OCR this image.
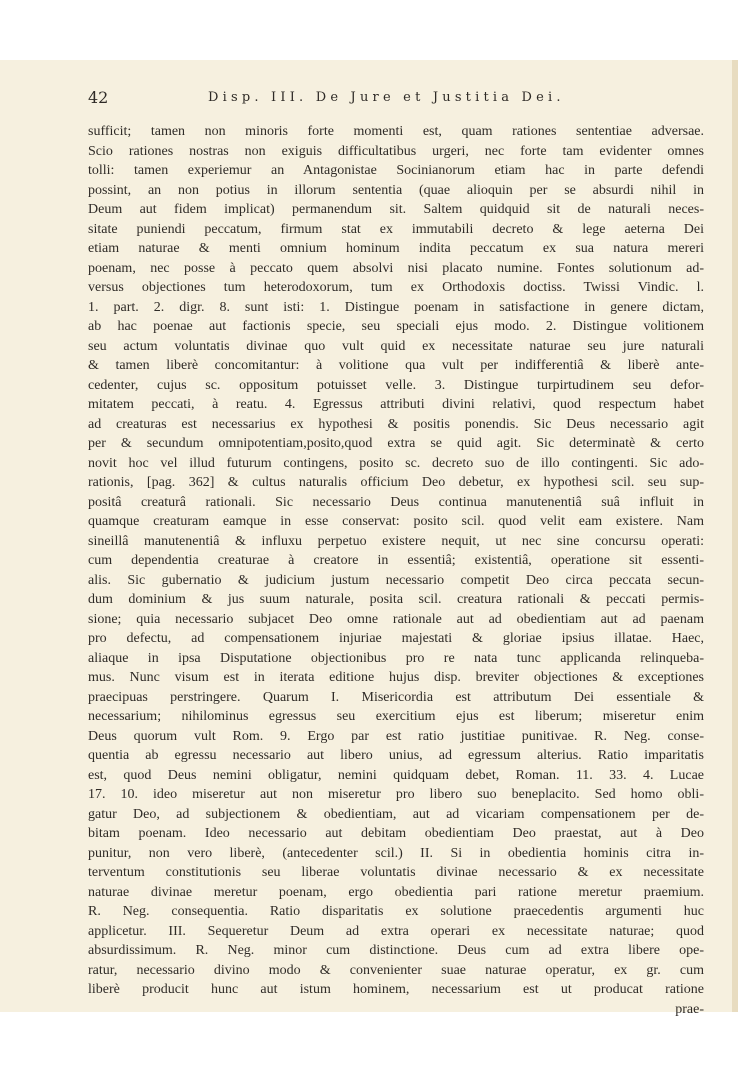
42	Disp. III. De Jure et Justitia Dei.
sufficit; tamen non minoris forte momenti est, quam rationes sententiae adversae.
Scio rationes nostras non exiguis difficultatibus urgeri, nec forte tam evidenter omnes
tolli: tamen experiemur an Antagonistae Socinianorum etiam hac in parte defendi
possint, an non potius in illorum sententia (quae alioquin per se absurdi nihil in
Deum aut fidem implicat) permanendum sit. Saltem quidquid sit de naturali neces-
sitate puniendi peccatum, firmum stat ex immutabili decreto & lege aeterna Dei
etiam naturae & menti omnium hominum indita peccatum ex sua natura mereri
poenam, nec posse à peccato quem absolvi nisi placato numine. Fontes solutionum ad-
versus objectiones tum heterodoxorum, tum ex Orthodoxis doctiss. Twissi Vindic. l.
1. part. 2. digr. 8. sunt isti: 1. Distingue poenam in satisfactione in genere dictam,
ab hac poenae aut factionis specie, seu speciali ejus modo. 2. Distingue volitionem
seu actum voluntatis divinae quo vult quid ex necessitate naturae seu jure naturali
& tamen liberè concomitantur: à volitione qua vult per indifferentiâ & liberè ante-
cedenter, cujus sc. oppositum potuisset velle. 3. Distingue turpirtudinem seu defor-
mitatem peccati, à reatu. 4. Egressus attributi divini relativi, quod respectum habet
ad creaturas est necessarius ex hypothesi & positis ponendis. Sic Deus necessario agit
per & secundum omnipotentiam,posito,quod extra se quid agit. Sic determinatè & certo
novit hoc vel illud futurum contingens, posito sc. decreto suo de illo contingenti. Sic ado-
rationis, [pag. 362] & cultus naturalis officium Deo debetur, ex hypothesi scil. seu sup-
positâ creaturâ rationali. Sic necessario Deus continua manutenentiâ suâ influit in
quamque creaturam eamque in esse conservat: posito scil. quod velit eam existere. Nam
sineillâ manutenentiâ & influxu perpetuo existere nequit, ut nec sine concursu operati:
cum dependentia creaturae à creatore in essentiâ; existentiâ, operatione sit essenti-
alis. Sic gubernatio & judicium justum necessario competit Deo circa peccata secun-
dum dominium & jus suum naturale, posita scil. creatura rationali & peccati permis-
sione; quia necessario subjacet Deo omne rationale aut ad obedientiam aut ad paenam
pro defectu, ad compensationem injuriae majestati & gloriae ipsius illatae. Haec,
aliaque in ipsa Disputatione objectionibus pro re nata tunc applicanda relinqueba-
mus. Nunc visum est in iterata editione hujus disp. breviter objectiones & exceptiones
praecipuas perstringere. Quarum I. Misericordia est attributum Dei essentiale &
necessarium; nihilominus egressus seu exercitium ejus est liberum; miseretur enim
Deus quorum vult Rom. 9. Ergo par est ratio justitiae punitivae. R. Neg. conse-
quentia ab egressu necessario aut libero unius, ad egressum alterius. Ratio imparitatis
est, quod Deus nemini obligatur, nemini quidquam debet, Roman. 11. 33. 4. Lucae
17. 10. ideo miseretur aut non miseretur pro libero suo beneplacito. Sed homo obli-
gatur Deo, ad subjectionem & obedientiam, aut ad vicariam compensationem per de-
bitam poenam. Ideo necessario aut debitam obedientiam Deo praestat, aut à Deo
punitur, non vero liberè, (antecedenter scil.) II. Si in obedientia hominis citra in-
terventum constitutionis seu liberae voluntatis divinae necessario & ex necessitate
naturae divinae meretur poenam, ergo obedientia pari ratione meretur praemium.
R. Neg. consequentia. Ratio disparitatis ex solutione praecedentis argumenti huc
applicetur. III. Sequeretur Deum ad extra operari ex necessitate naturae; quod
absurdissimum. R. Neg. minor cum distinctione. Deus cum ad extra libere ope-
ratur, necessario divino modo & convenienter suae naturae operatur, ex gr. cum
liberè producit hunc aut istum hominem, necessarium est ut producat ratione
prae-
